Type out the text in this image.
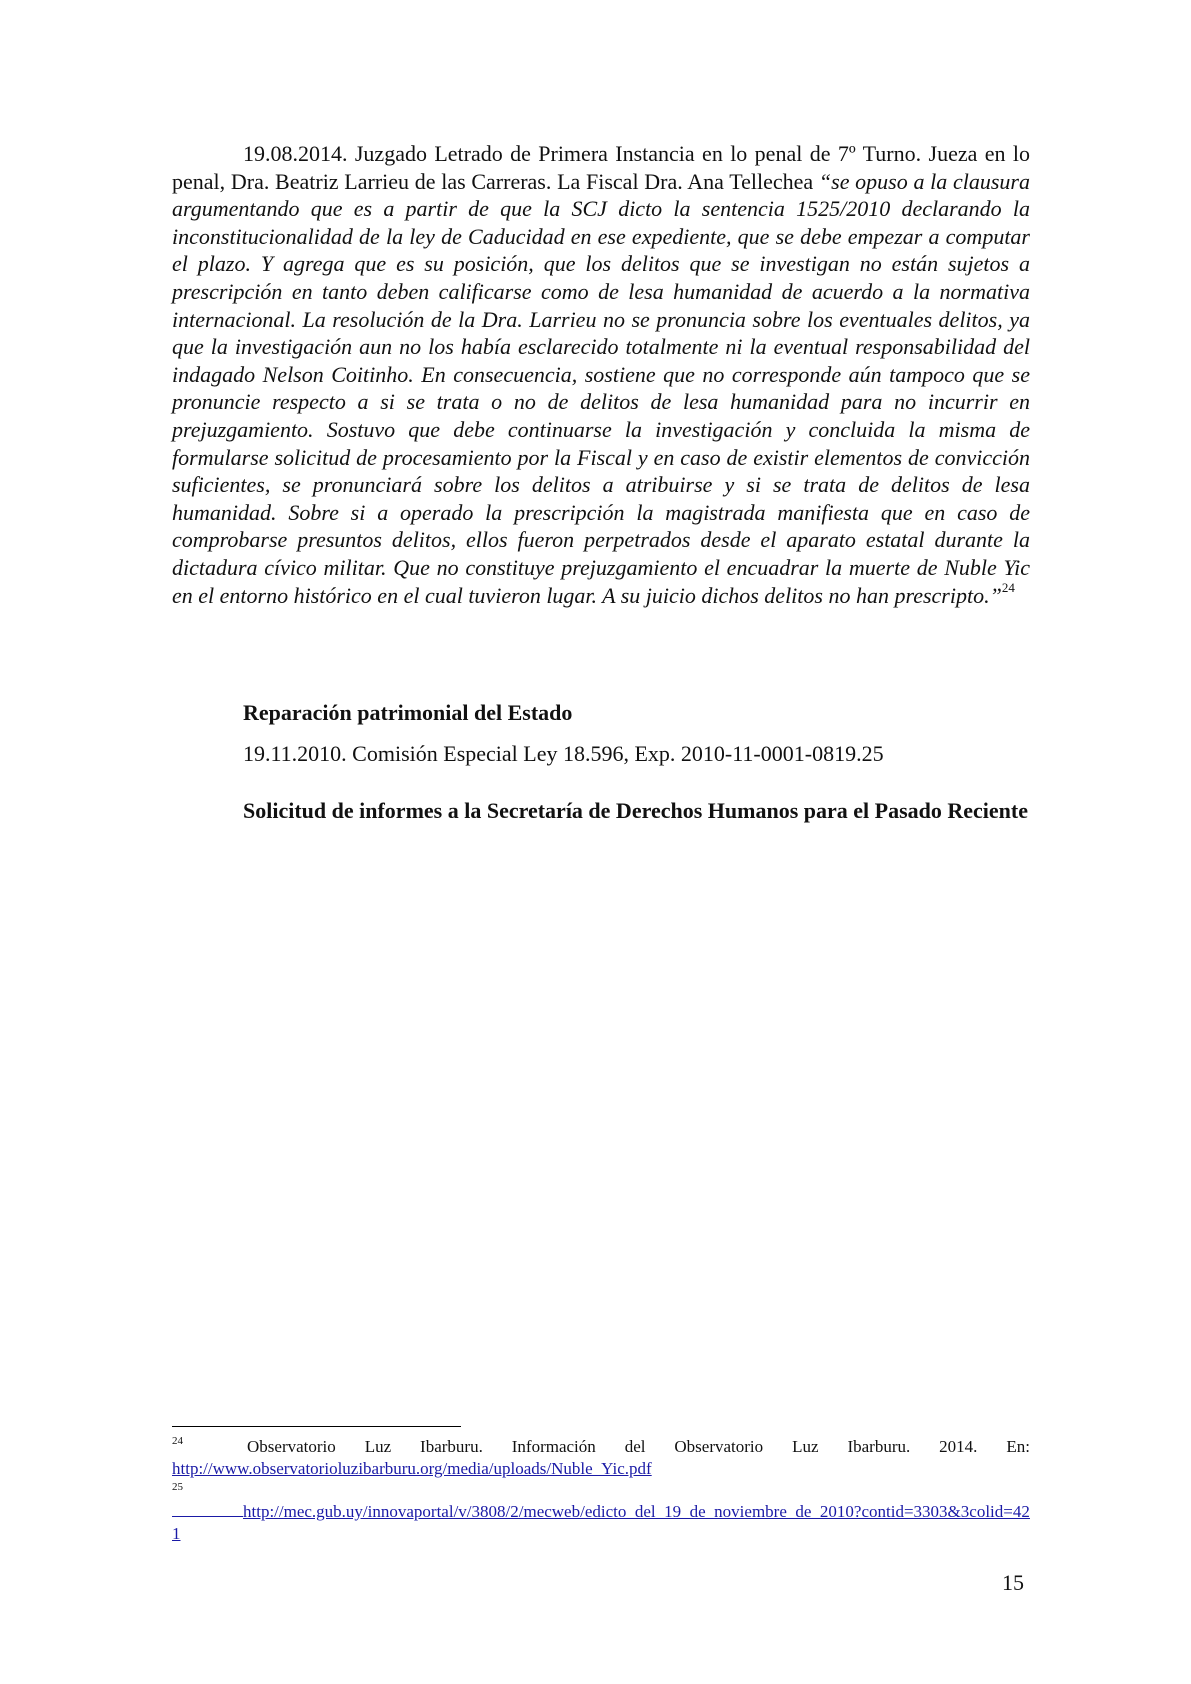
19.08.2014. Juzgado Letrado de Primera Instancia en lo penal de 7º Turno. Jueza en lo penal, Dra. Beatriz Larrieu de las Carreras. La Fiscal Dra. Ana Tellechea “se opuso a la clausura argumentando que es a partir de que la SCJ dicto la sentencia 1525/2010 declarando la inconstitucionalidad de la ley de Caducidad en ese expediente, que se debe empezar a computar el plazo. Y agrega que es su posición, que los delitos que se investigan no están sujetos a prescripción en tanto deben calificarse como de lesa humanidad de acuerdo a la normativa internacional. La resolución de la Dra. Larrieu no se pronuncia sobre los eventuales delitos, ya que la investigación aun no los había esclarecido totalmente ni la eventual responsabilidad del indagado Nelson Coitinho. En consecuencia, sostiene que no corresponde aún tampoco que se pronuncie respecto a si se trata o no de delitos de lesa humanidad para no incurrir en prejuzgamiento. Sostuvo que debe continuarse la investigación y concluida la misma de formularse solicitud de procesamiento por la Fiscal y en caso de existir elementos de convicción suficientes, se pronunciará sobre los delitos a atribuirse y si se trata de delitos de lesa humanidad. Sobre si a operado la prescripción la magistrada manifiesta que en caso de comprobarse presuntos delitos, ellos fueron perpetrados desde el aparato estatal durante la dictadura cívico militar. Que no constituye prejuzgamiento el encuadrar la muerte de Nuble Yic en el entorno histórico en el cual tuvieron lugar. A su juicio dichos delitos no han prescripto.”$^{24}$

Reparación patrimonial del Estado

19.11.2010. Comisión Especial Ley 18.596, Exp. 2010-11-0001-0819.25

Solicitud de informes a la Secretaría de Derechos Humanos para el Pasado Reciente

24	Observatorio Luz Ibarburu. Información del Observatorio Luz Ibarburu. 2014. En:
http://www.observatorioluzibarburu.org/media/uploads/Nuble_Yic.pdf
25
http://mec.gub.uy/innovaportal/v/3808/2/mecweb/edicto_del_19_de_noviembre_de_2010?contid=3303&3colid=421

15
